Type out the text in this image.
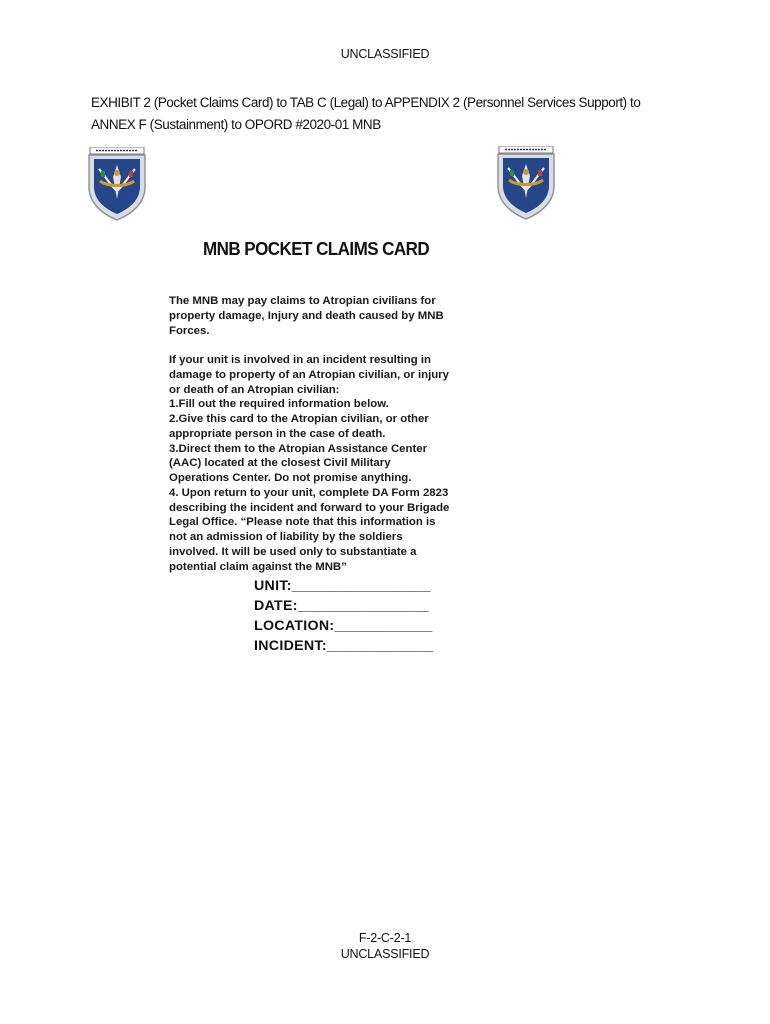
UNCLASSIFIED
EXHIBIT 2 (Pocket Claims Card) to TAB C (Legal) to APPENDIX 2 (Personnel Services Support) to
ANNEX F (Sustainment) to OPORD #2020-01 MNB
MNB POCKET CLAIMS CARD

The MNB may pay claims to Atropian civilians for

property damage, Injury and death caused by MNB

Forces.

If your unit is involved in an incident resulting in

damage to property of an Atropian civilian, or injury

or death of an Atropian civilian:

1.Fill out the required information below.

2.Give this card to the Atropian civilian, or other

appropriate person in the case of death.

3.Direct them to the Atropian Assistance Center

(AAC) located at the closest Civil Military

Operations Center. Do not promise anything.

4. Upon return to your unit, complete DA Form 2823

describing the incident and forward to your Brigade

Legal Office. “Please note that this information is

not an admission of liability by the soldiers

involved. It will be used only to substantiate a

potential claim against the MNB”

UNIT:_________________
DATE:________________
LOCATION:____________
INCIDENT:_____________
F-2-C-2-1
UNCLASSIFIED
